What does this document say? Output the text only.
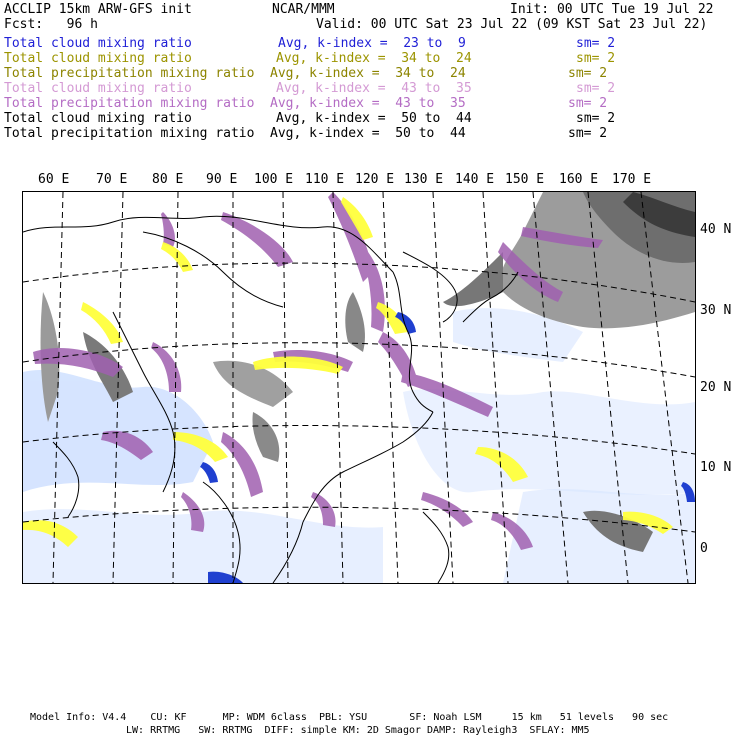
ACCLIP 15km ARW-GFS init	NCAR/MMM	Init: 00 UTC Tue 19 Jul 22
Fcst:   96 h	Valid: 00 UTC Sat 23 Jul 22 (09 KST Sat 23 Jul 22)
Total cloud mixing ratio	Avg, k-index =  23 to  9	sm= 2
Total cloud mixing ratio	Avg, k-index =  34 to  24	sm= 2
Total precipitation mixing ratio Avg, k-index =  34 to  24	sm= 2
Total cloud mixing ratio	Avg, k-index =  43 to  35	sm= 2
Total precipitation mixing ratio Avg, k-index =  43 to  35	sm= 2
Total cloud mixing ratio	Avg, k-index =  50 to  44	sm= 2
Total precipitation mixing ratio Avg, k-index =  50 to  44	sm= 2
60 E 70 E 80 E 90 E 100 E 110 E 120 E 130 E 140 E 150 E 160 E 170 E
40 N
30 N
20 N
10 N
0
Model Info: V4.4    CU: KF      MP: WDM 6class  PBL: YSU       SF: Noah LSM     15 km   51 levels   90 sec
LW: RRTMG   SW: RRTMG  DIFF: simple KM: 2D Smagor DAMP: Rayleigh3  SFLAY: MM5
